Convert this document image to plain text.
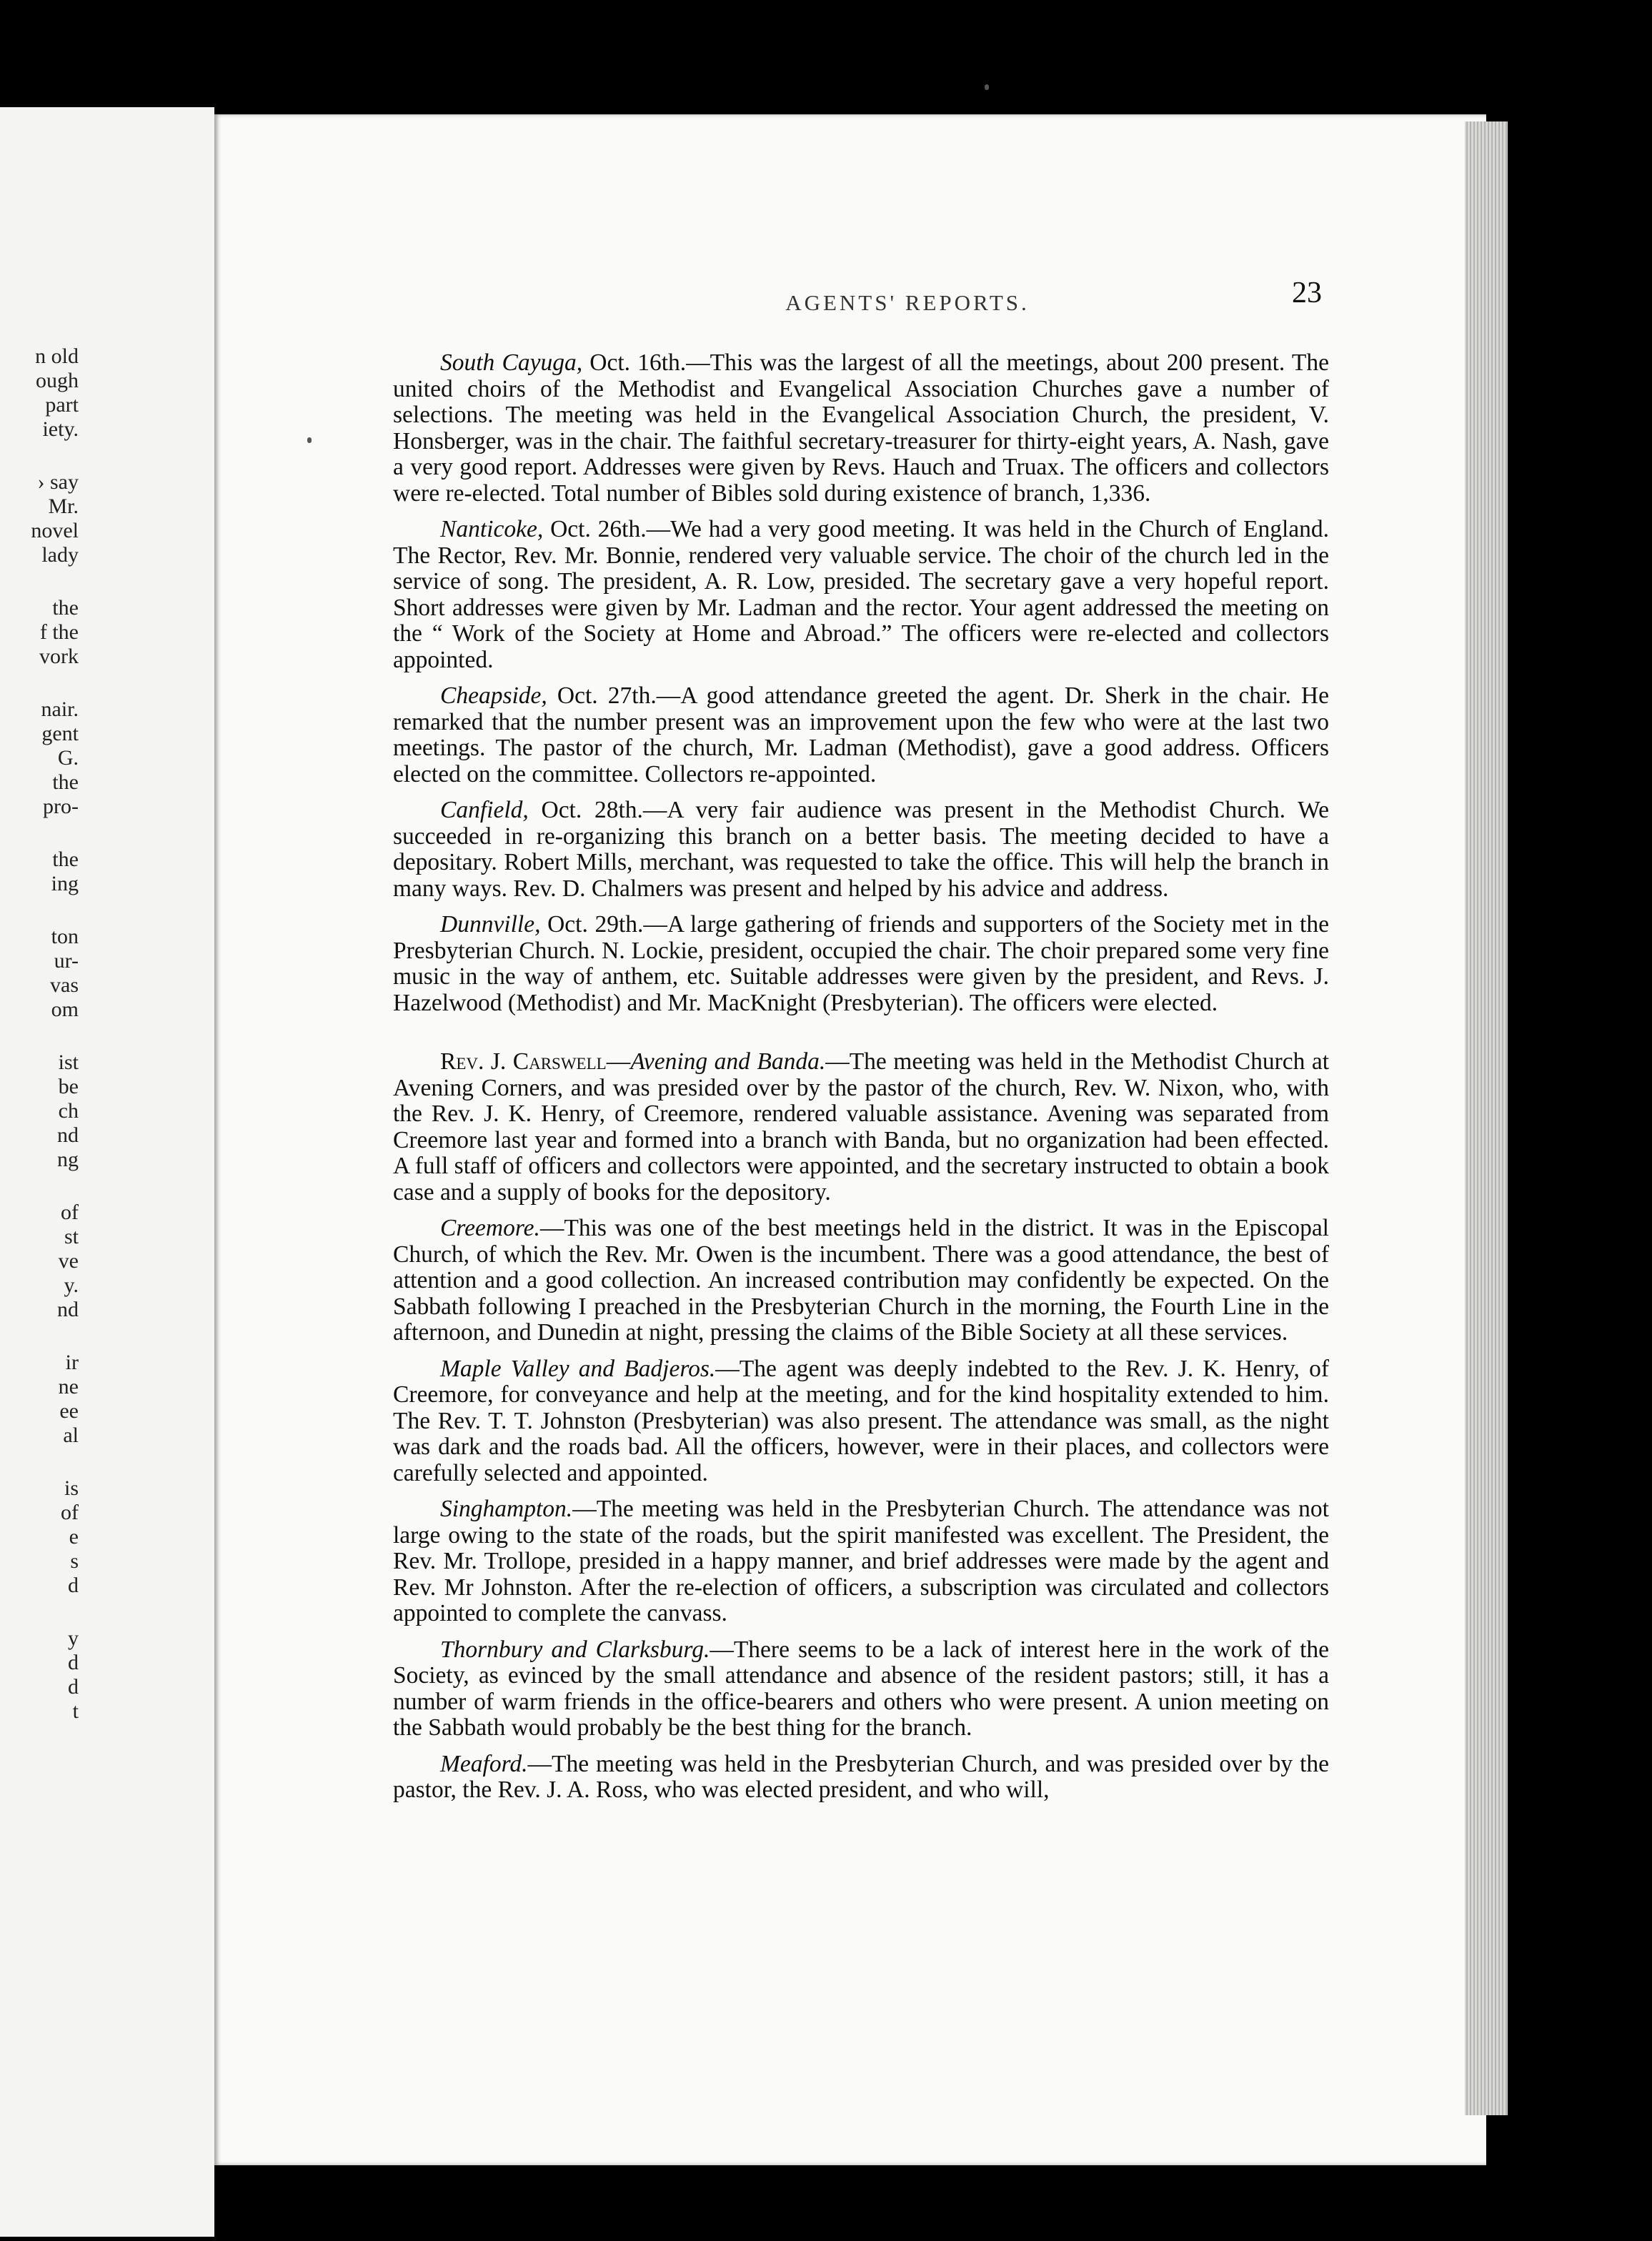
n old
ough
part
iety.
› say
Mr.
novel
lady
the
f the
vork
nair.
gent
G.
the
pro-
the
ing
ton
ur-
vas
om
ist
be
ch
nd
ng
of
st
ve
y.
nd
ir
ne
ee
al
is
of
e
s
d
y
d
d
t
AGENTS' REPORTS.	23

South Cayuga, Oct. 16th.—This was the largest of all the meetings, about 200 present. The united choirs of the Methodist and Evangelical Association Churches gave a number of selections. The meeting was held in the Evangelical Association Church, the president, V. Honsberger, was in the chair. The faithful secretary-treasurer for thirty-eight years, A. Nash, gave a very good report. Addresses were given by Revs. Hauch and Truax. The officers and collectors were re-elected. Total number of Bibles sold during existence of branch, 1,336.

Nanticoke, Oct. 26th.—We had a very good meeting. It was held in the Church of England. The Rector, Rev. Mr. Bonnie, rendered very valuable service. The choir of the church led in the service of song. The president, A. R. Low, presided. The secretary gave a very hopeful report. Short addresses were given by Mr. Ladman and the rector. Your agent addressed the meeting on the “ Work of the Society at Home and Abroad.” The officers were re-elected and collectors appointed.

Cheapside, Oct. 27th.—A good attendance greeted the agent. Dr. Sherk in the chair. He remarked that the number present was an improvement upon the few who were at the last two meetings. The pastor of the church, Mr. Ladman (Methodist), gave a good address. Officers elected on the committee. Collectors re-appointed.

Canfield, Oct. 28th.—A very fair audience was present in the Methodist Church. We succeeded in re-organizing this branch on a better basis. The meeting decided to have a depositary. Robert Mills, merchant, was requested to take the office. This will help the branch in many ways. Rev. D. Chalmers was present and helped by his advice and address.

Dunnville, Oct. 29th.—A large gathering of friends and supporters of the Society met in the Presbyterian Church. N. Lockie, president, occupied the chair. The choir prepared some very fine music in the way of anthem, etc. Suitable addresses were given by the president, and Revs. J. Hazelwood (Methodist) and Mr. MacKnight (Presbyterian). The officers were elected.

Rev. J. Carswell—Avening and Banda.—The meeting was held in the Methodist Church at Avening Corners, and was presided over by the pastor of the church, Rev. W. Nixon, who, with the Rev. J. K. Henry, of Creemore, rendered valuable assistance. Avening was separated from Creemore last year and formed into a branch with Banda, but no organization had been effected. A full staff of officers and collectors were appointed, and the secretary instructed to obtain a book case and a supply of books for the depository.

Creemore.—This was one of the best meetings held in the district. It was in the Episcopal Church, of which the Rev. Mr. Owen is the incumbent. There was a good attendance, the best of attention and a good collection. An increased contribution may confidently be expected. On the Sabbath following I preached in the Presbyterian Church in the morning, the Fourth Line in the afternoon, and Dunedin at night, pressing the claims of the Bible Society at all these services.

Maple Valley and Badjeros.—The agent was deeply indebted to the Rev. J. K. Henry, of Creemore, for conveyance and help at the meeting, and for the kind hospitality extended to him. The Rev. T. T. Johnston (Presbyterian) was also present. The attendance was small, as the night was dark and the roads bad. All the officers, however, were in their places, and collectors were carefully selected and appointed.

Singhampton.—The meeting was held in the Presbyterian Church. The attendance was not large owing to the state of the roads, but the spirit manifested was excellent. The President, the Rev. Mr. Trollope, presided in a happy manner, and brief addresses were made by the agent and Rev. Mr Johnston. After the re-election of officers, a subscription was circulated and collectors appointed to complete the canvass.

Thornbury and Clarksburg.—There seems to be a lack of interest here in the work of the Society, as evinced by the small attendance and absence of the resident pastors; still, it has a number of warm friends in the office-bearers and others who were present. A union meeting on the Sabbath would probably be the best thing for the branch.

Meaford.—The meeting was held in the Presbyterian Church, and was presided over by the pastor, the Rev. J. A. Ross, who was elected president, and who will,
